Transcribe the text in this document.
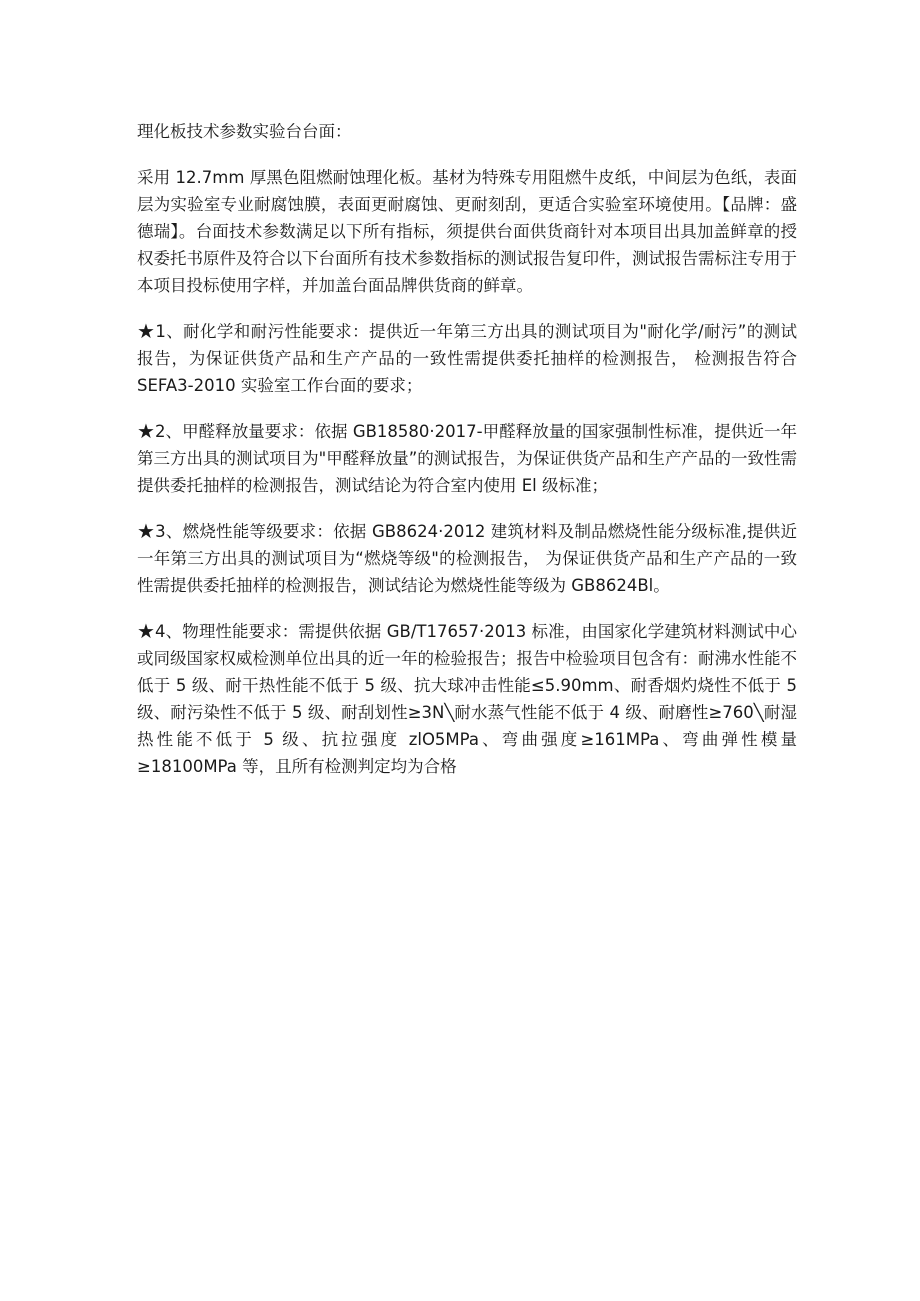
理化板技术参数实验台台面：
采用 12.7mm 厚黑色阻燃耐蚀理化板。基材为特殊专用阻燃牛皮纸，中间层为色纸，表面层为实验室专业耐腐蚀膜，表面更耐腐蚀、更耐刻刮，更适合实验室环境使用。【品牌：盛德瑞】。台面技术参数满足以下所有指标，须提供台面供货商针对本项目出具加盖鲜章的授权委托书原件及符合以下台面所有技术参数指标的测试报告复印件，测试报告需标注专用于本项目投标使用字样，并加盖台面品牌供货商的鲜章。
★1、耐化学和耐污性能要求：提供近一年第三方出具的测试项目为"耐化学/耐污”的测试报告，为保证供货产品和生产产品的一致性需提供委托抽样的检测报告， 检测报告符合 SEFA3-2010 实验室工作台面的要求；
★2、甲醛释放量要求：依据 GB18580·2017-甲醛释放量的国家强制性标准，提供近一年第三方出具的测试项目为"甲醛释放量”的测试报告，为保证供货产品和生产产品的一致性需提供委托抽样的检测报告，测试结论为符合室内使用 El 级标准；
★3、燃烧性能等级要求：依据 GB8624·2012 建筑材料及制品燃烧性能分级标准,提供近一年第三方出具的测试项目为“燃烧等级"的检测报告， 为保证供货产品和生产产品的一致性需提供委托抽样的检测报告，测试结论为燃烧性能等级为 GB8624Bl。
★4、物理性能要求：需提供依据 GB/T17657·2013 标准，由国家化学建筑材料测试中心或同级国家权威检测单位出具的近一年的检验报告；报告中检验项目包含有：耐沸水性能不低于 5 级、耐干热性能不低于 5 级、抗大球冲击性能≤5.90mm、耐香烟灼烧性不低于 5 级、耐污染性不低于 5 级、耐刮划性≥3N╲耐水蒸气性能不低于 4 级、耐磨性≥760╲耐湿热性能不低于 5 级、抗拉强度 zlO5MPa、弯曲强度≥161MPa、弯曲弹性模量≥18100MPa 等，且所有检测判定均为合格
